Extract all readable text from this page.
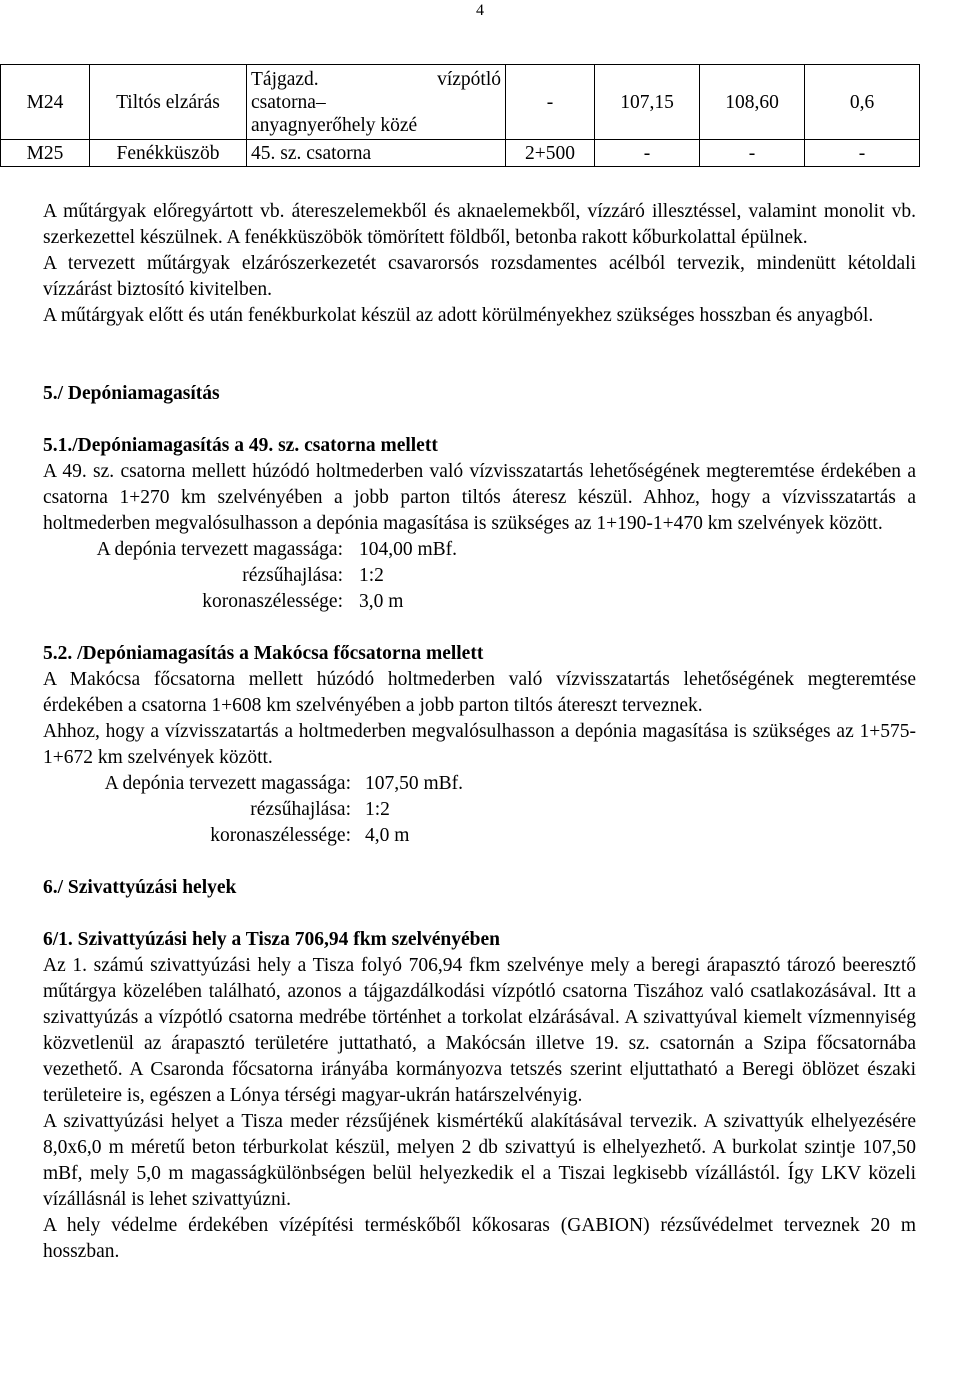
4
M24	Tiltós elzárás	Tájgazd. vízpótló
csatorna–
anyagnyerőhely közé	-	107,15	108,60	0,6
M25	Fenékküszöb	45. sz. csatorna	2+500	-	-	-

A műtárgyak előregyártott vb. átereszelemekből és aknaelemekből, vízzáró illesztéssel, valamint monolit vb. szerkezettel készülnek. A fenékküszöbök tömörített földből, betonba rakott kőburkolattal épülnek.

A tervezett műtárgyak elzárószerkezetét csavarorsós rozsdamentes acélból tervezik, mindenütt kétoldali vízzárást biztosító kivitelben.

A műtárgyak előtt és után fenékburkolat készül az adott körülményekhez szükséges hosszban és anyagból.

5./ Depóniamagasítás
5.1./Depóniamagasítás a 49. sz. csatorna mellett

A 49. sz. csatorna mellett húzódó holtmederben való vízvisszatartás lehetőségének megteremtése érdekében a csatorna 1+270 km szelvényében a jobb parton tiltós áteresz készül. Ahhoz, hogy a vízvisszatartás a holtmederben megvalósulhasson a depónia magasítása is szükséges az 1+190-1+470 km szelvények között.

A depónia tervezett magassága: 104,00 mBf.
rézsűhajlása: 1:2
koronaszélessége: 3,0 m
5.2. /Depóniamagasítás a Makócsa főcsatorna mellett

A Makócsa főcsatorna mellett húzódó holtmederben való vízvisszatartás lehetőségének megteremtése érdekében a csatorna 1+608 km szelvényében a jobb parton tiltós átereszt terveznek.

Ahhoz, hogy a vízvisszatartás a holtmederben megvalósulhasson a depónia magasítása is szükséges az 1+575-1+672 km szelvények között.

A depónia tervezett magassága: 107,50 mBf.
rézsűhajlása: 1:2
koronaszélessége: 4,0 m
6./ Szivattyúzási helyek
6/1. Szivattyúzási hely a Tisza 706,94 fkm szelvényében

Az 1. számú szivattyúzási hely a Tisza folyó 706,94 fkm szelvénye mely a beregi árapasztó tározó beeresztő műtárgya közelében található, azonos a tájgazdálkodási vízpótló csatorna Tiszához való csatlakozásával. Itt a szivattyúzás a vízpótló csatorna medrébe történhet a torkolat elzárásával. A szivattyúval kiemelt vízmennyiség közvetlenül az árapasztó területére juttatható, a Makócsán illetve 19. sz. csatornán a Szipa főcsatornába vezethető. A Csaronda főcsatorna irányába kormányozva tetszés szerint eljuttatható a Beregi öblözet északi területeire is, egészen a Lónya térségi magyar-ukrán határszelvényig.

A szivattyúzási helyet a Tisza meder rézsűjének kismértékű alakításával tervezik. A szivattyúk elhelyezésére 8,0x6,0 m méretű beton térburkolat készül, melyen 2 db szivattyú is elhelyezhető. A burkolat szintje 107,50 mBf, mely 5,0 m magasságkülönbségen belül helyezkedik el a Tiszai legkisebb vízállástól. Így LKV közeli vízállásnál is lehet szivattyúzni.

A hely védelme érdekében vízépítési terméskőből kőkosaras (GABION) rézsűvédelmet terveznek 20 m hosszban.
